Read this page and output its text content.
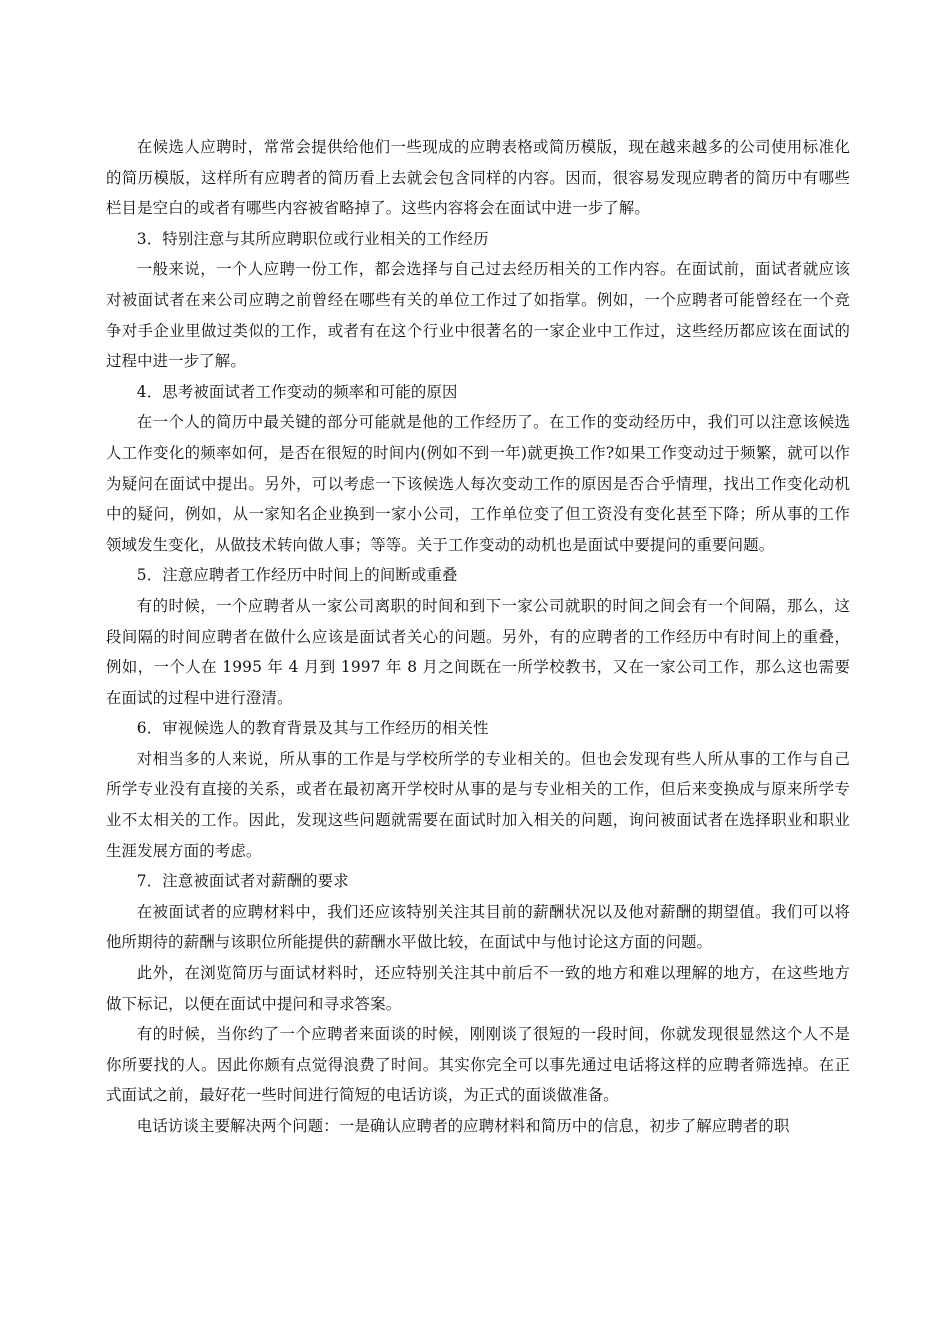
在候选人应聘时，常常会提供给他们一些现成的应聘表格或简历模版，现在越来越多的公司使用标准化的简历模版，这样所有应聘者的简历看上去就会包含同样的内容。因而，很容易发现应聘者的简历中有哪些栏目是空白的或者有哪些内容被省略掉了。这些内容将会在面试中进一步了解。

3．特别注意与其所应聘职位或行业相关的工作经历

一般来说，一个人应聘一份工作，都会选择与自己过去经历相关的工作内容。在面试前，面试者就应该对被面试者在来公司应聘之前曾经在哪些有关的单位工作过了如指掌。例如，一个应聘者可能曾经在一个竞争对手企业里做过类似的工作，或者有在这个行业中很著名的一家企业中工作过，这些经历都应该在面试的过程中进一步了解。

4．思考被面试者工作变动的频率和可能的原因

在一个人的简历中最关键的部分可能就是他的工作经历了。在工作的变动经历中，我们可以注意该候选人工作变化的频率如何，是否在很短的时间内(例如不到一年)就更换工作?如果工作变动过于频繁，就可以作为疑问在面试中提出。另外，可以考虑一下该候选人每次变动工作的原因是否合乎情理，找出工作变化动机中的疑问，例如，从一家知名企业换到一家小公司，工作单位变了但工资没有变化甚至下降；所从事的工作领域发生变化，从做技术转向做人事；等等。关于工作变动的动机也是面试中要提问的重要问题。

5．注意应聘者工作经历中时间上的间断或重叠

有的时候，一个应聘者从一家公司离职的时间和到下一家公司就职的时间之间会有一个间隔，那么，这段间隔的时间应聘者在做什么应该是面试者关心的问题。另外，有的应聘者的工作经历中有时间上的重叠，例如，一个人在 1995 年 4 月到 1997 年 8 月之间既在一所学校教书，又在一家公司工作，那么这也需要在面试的过程中进行澄清。

6．审视候选人的教育背景及其与工作经历的相关性

对相当多的人来说，所从事的工作是与学校所学的专业相关的。但也会发现有些人所从事的工作与自己所学专业没有直接的关系，或者在最初离开学校时从事的是与专业相关的工作，但后来变换成与原来所学专业不太相关的工作。因此，发现这些问题就需要在面试时加入相关的问题，询问被面试者在选择职业和职业生涯发展方面的考虑。

7．注意被面试者对薪酬的要求

在被面试者的应聘材料中，我们还应该特别关注其目前的薪酬状况以及他对薪酬的期望值。我们可以将他所期待的薪酬与该职位所能提供的薪酬水平做比较，在面试中与他讨论这方面的问题。

此外，在浏览简历与面试材料时，还应特别关注其中前后不一致的地方和难以理解的地方，在这些地方做下标记，以便在面试中提问和寻求答案。

有的时候，当你约了一个应聘者来面谈的时候，刚刚谈了很短的一段时间，你就发现很显然这个人不是你所要找的人。因此你颇有点觉得浪费了时间。其实你完全可以事先通过电话将这样的应聘者筛选掉。在正式面试之前，最好花一些时间进行简短的电话访谈，为正式的面谈做准备。

电话访谈主要解决两个问题：一是确认应聘者的应聘材料和简历中的信息，初步了解应聘者的职
